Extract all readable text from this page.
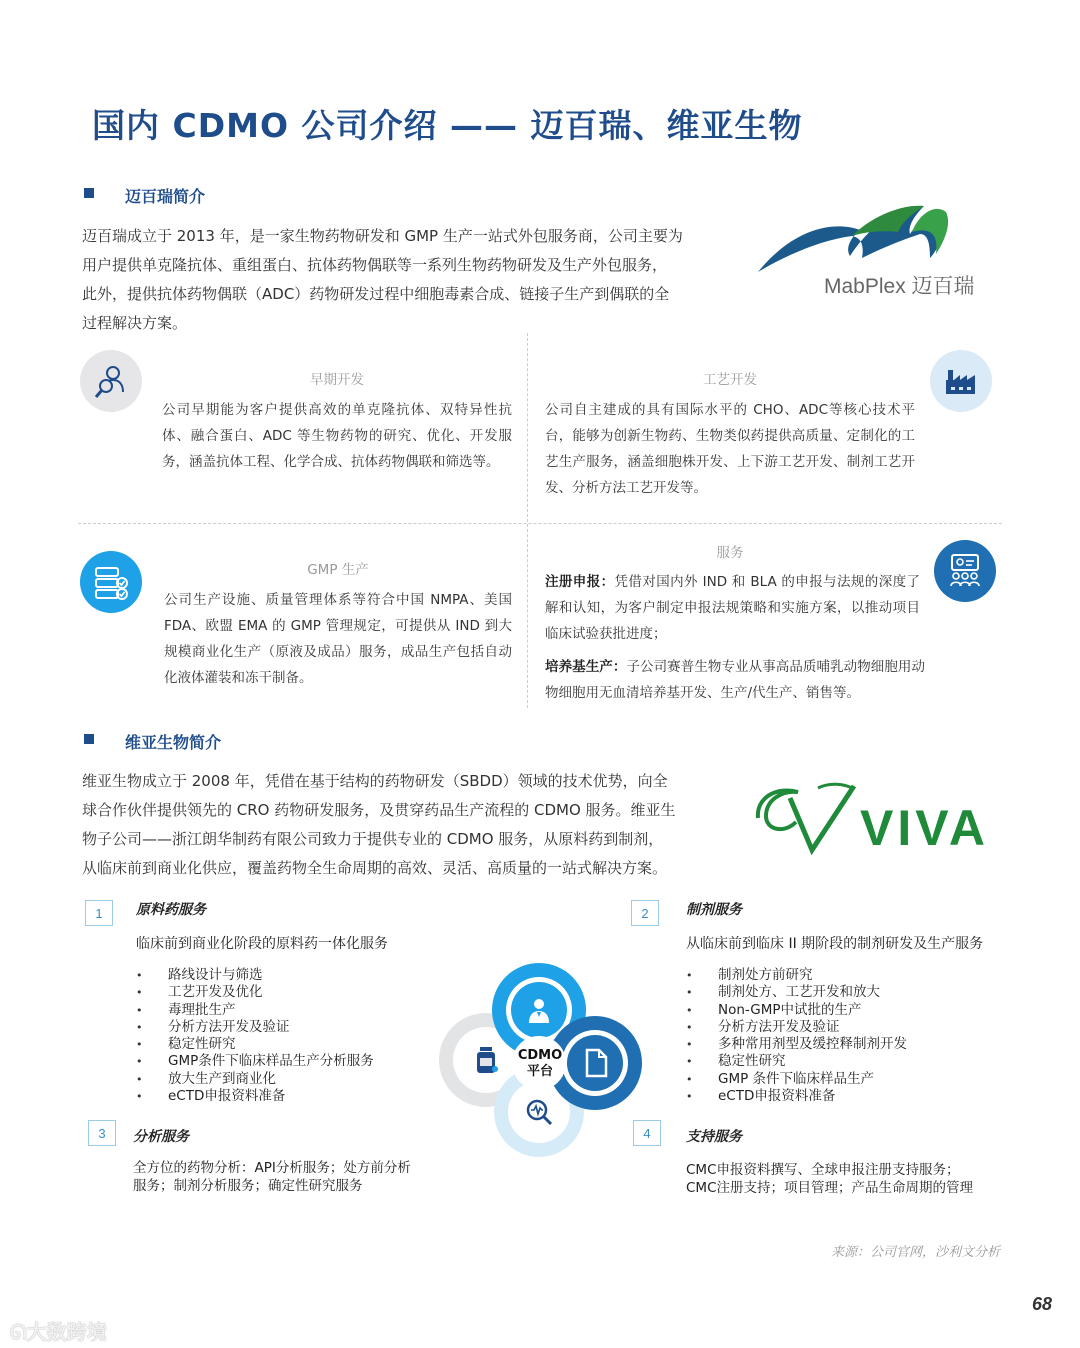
国内 CDMO 公司介绍 —— 迈百瑞、维亚生物
迈百瑞简介
迈百瑞成立于 2013 年，是一家生物药物研发和 GMP 生产一站式外包服务商，公司主要为
用户提供单克隆抗体、重组蛋白、抗体药物偶联等一系列生物药物研发及生产外包服务，
此外，提供抗体药物偶联（ADC）药物研发过程中细胞毒素合成、链接子生产到偶联的全
过程解决方案。
MabPlex 迈百瑞
早期开发
公司早期能为客户提供高效的单克隆抗体、双特异性抗体、融合蛋白、ADC 等生物药物的研究、优化、开发服务，涵盖抗体工程、化学合成、抗体药物偶联和筛选等。
工艺开发
公司自主建成的具有国际水平的 CHO、ADC等核心技术平台，能够为创新生物药、生物类似药提供高质量、定制化的工艺生产服务，涵盖细胞株开发、上下游工艺开发、制剂工艺开发、分析方法工艺开发等。
GMP 生产
公司生产设施、质量管理体系等符合中国 NMPA、美国 FDA、欧盟 EMA 的 GMP 管理规定，可提供从 IND 到大规模商业化生产（原液及成品）服务，成品生产包括自动化液体灌装和冻干制备。
服务
注册申报：凭借对国内外 IND 和 BLA 的申报与法规的深度了解和认知，为客户制定申报法规策略和实施方案，以推动项目临床试验获批进度；
培养基生产：子公司赛普生物专业从事高品质哺乳动物细胞用动物细胞用无血清培养基开发、生产/代生产、销售等。
维亚生物简介
维亚生物成立于 2008 年，凭借在基于结构的药物研发（SBDD）领域的技术优势，向全
球合作伙伴提供领先的 CRO 药物研发服务，及贯穿药品生产流程的 CDMO 服务。维亚生
物子公司——浙江朗华制药有限公司致力于提供专业的 CDMO 服务，从原料药到制剂，
从临床前到商业化供应，覆盖药物全生命周期的高效、灵活、高质量的一站式解决方案。
VIVA
1	原料药服务
临床前到商业化阶段的原料药一体化服务
• 路线设计与筛选
• 工艺开发及优化
• 毒理批生产
• 分析方法开发及验证
• 稳定性研究
• GMP条件下临床样品生产分析服务
• 放大生产到商业化
• eCTD申报资料准备
2	制剂服务
从临床前到临床 II 期阶段的制剂研发及生产服务
• 制剂处方前研究
• 制剂处方、工艺开发和放大
• Non-GMP中试批的生产
• 分析方法开发及验证
• 多种常用剂型及缓控释制剂开发
• 稳定性研究
• GMP 条件下临床样品生产
• eCTD申报资料准备
3	分析服务
全方位的药物分析：API分析服务；处方前分析
服务；制剂分析服务；确定性研究服务
4	支持服务
CMC申报资料撰写、全球申报注册支持服务；
CMC注册支持；项目管理；产品生命周期的管理
CDMO
平台
来源：公司官网，沙利文分析
68
ᘏ大数跨境
